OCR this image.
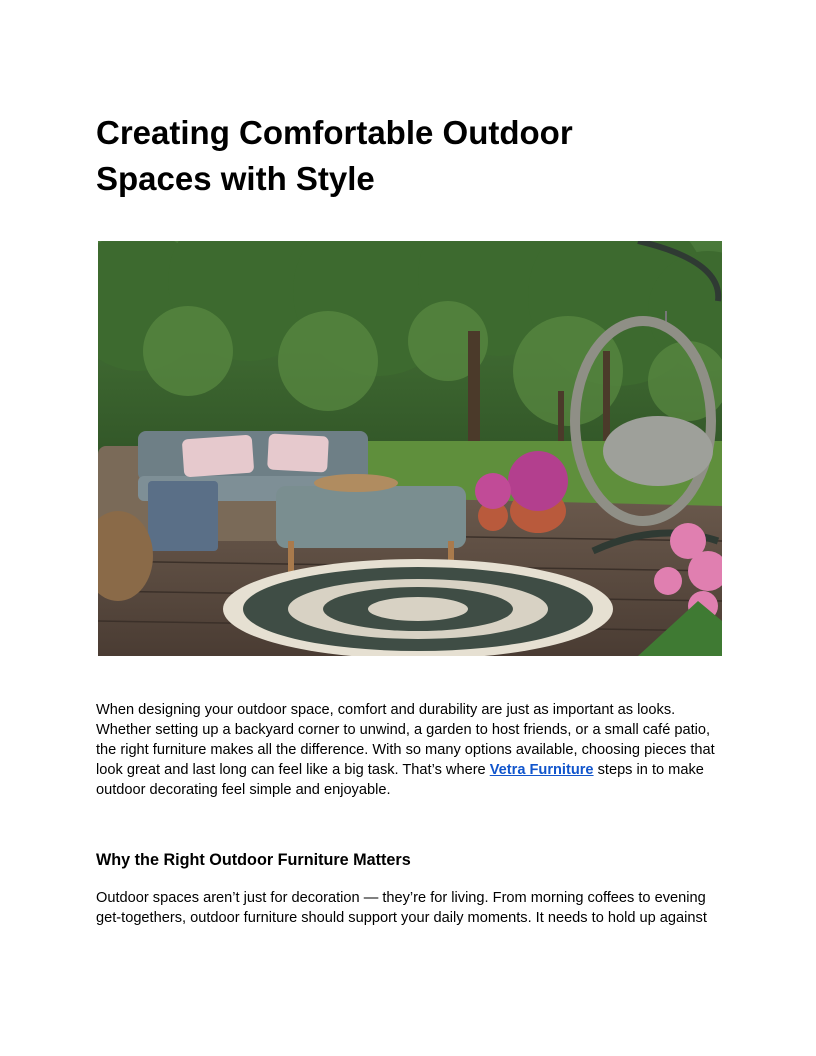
Creating Comfortable Outdoor
Spaces with Style

When designing your outdoor space, comfort and durability are just as important as looks. Whether setting up a backyard corner to unwind, a garden to host friends, or a small café patio, the right furniture makes all the difference. With so many options available, choosing pieces that look great and last long can feel like a big task. That’s where Vetra Furniture steps in to make outdoor decorating feel simple and enjoyable.

Why the Right Outdoor Furniture Matters

Outdoor spaces aren’t just for decoration — they’re for living. From morning coffees to evening get-togethers, outdoor furniture should support your daily moments. It needs to hold up against
